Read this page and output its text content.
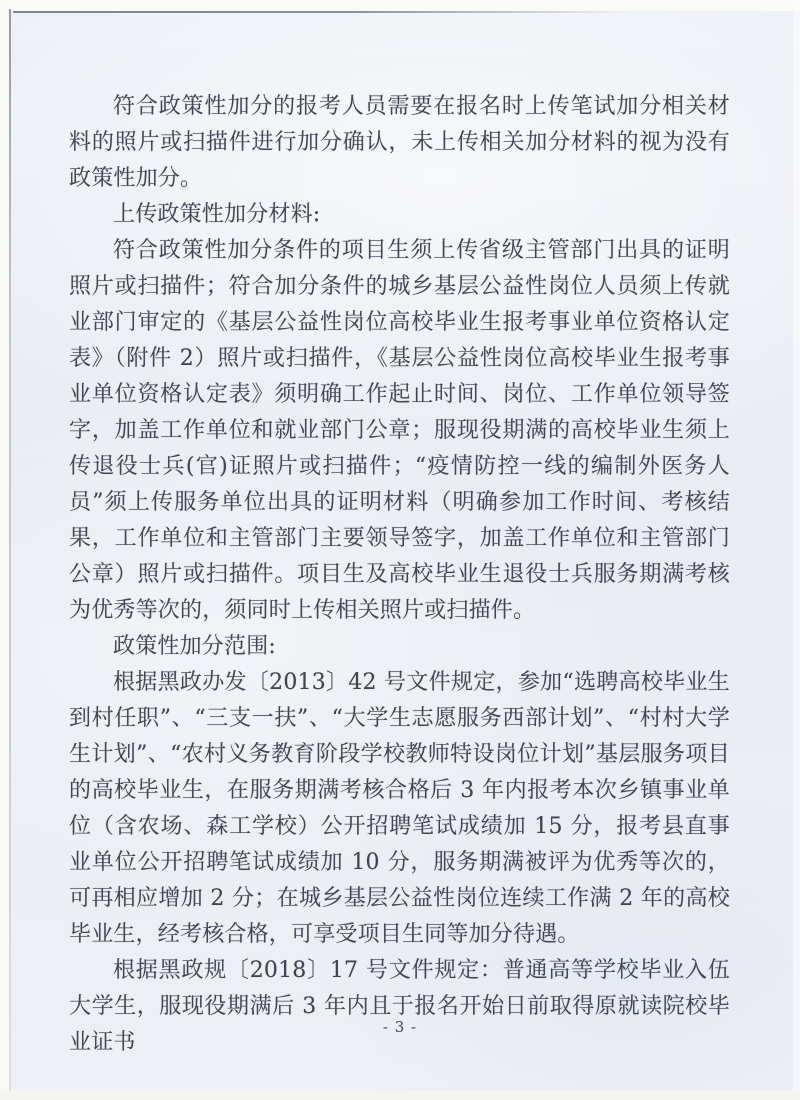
符合政策性加分的报考人员需要在报名时上传笔试加分相关材料的照片或扫描件进行加分确认，未上传相关加分材料的视为没有政策性加分。

上传政策性加分材料:

符合政策性加分条件的项目生须上传省级主管部门出具的证明照片或扫描件；符合加分条件的城乡基层公益性岗位人员须上传就业部门审定的《基层公益性岗位高校毕业生报考事业单位资格认定表》（附件 2）照片或扫描件，《基层公益性岗位高校毕业生报考事业单位资格认定表》须明确工作起止时间、岗位、工作单位领导签字，加盖工作单位和就业部门公章；服现役期满的高校毕业生须上传退役士兵(官)证照片或扫描件；“疫情防控一线的编制外医务人员”须上传服务单位出具的证明材料（明确参加工作时间、考核结果，工作单位和主管部门主要领导签字，加盖工作单位和主管部门公章）照片或扫描件。项目生及高校毕业生退役士兵服务期满考核为优秀等次的，须同时上传相关照片或扫描件。

政策性加分范围:

根据黑政办发〔2013〕42 号文件规定，参加“选聘高校毕业生到村任职”、“三支一扶”、“大学生志愿服务西部计划”、“村村大学生计划”、“农村义务教育阶段学校教师特设岗位计划”基层服务项目的高校毕业生，在服务期满考核合格后 3 年内报考本次乡镇事业单位（含农场、森工学校）公开招聘笔试成绩加 15 分，报考县直事业单位公开招聘笔试成绩加 10 分，服务期满被评为优秀等次的，可再相应增加 2 分；在城乡基层公益性岗位连续工作满 2 年的高校毕业生，经考核合格，可享受项目生同等加分待遇。

根据黑政规〔2018〕17 号文件规定：普通高等学校毕业入伍大学生，服现役期满后 3 年内且于报名开始日前取得原就读院校毕业证书

- 3 -
